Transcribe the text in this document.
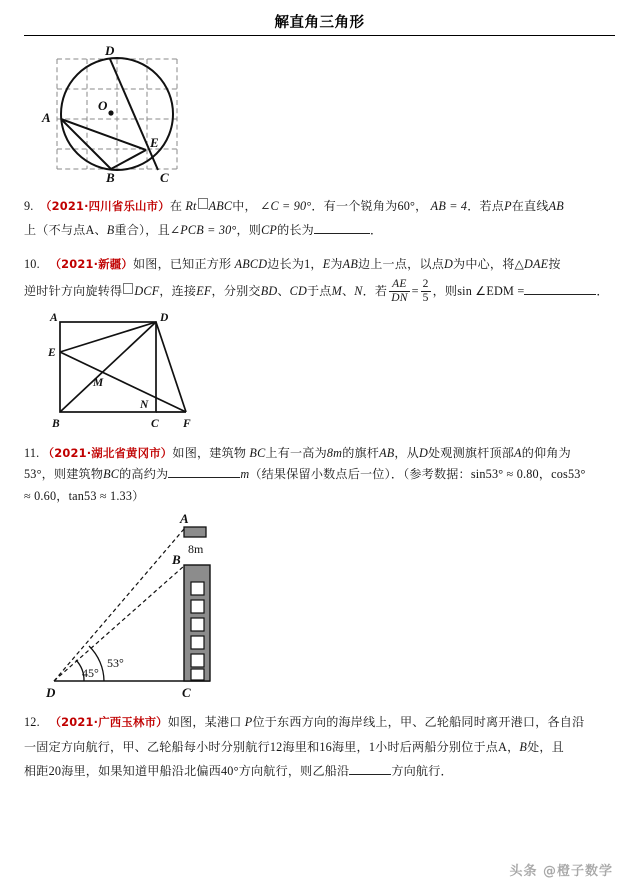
解直角三角形
D
O
A
E
B	C
9. （2021·四川省乐山市）在 Rt ABC中， ∠C = 90°．有一个锐角为60°， AB = 4．若点P在直线AB
上（不与点A、B重合），且∠PCB = 30°，则CP的长为	．
10. （2021·新疆）如图，已知正方形 ABCD边长为1，E为AB边上一点，以点D为中心，将△DAE按
逆时针方向旋转得 DCF，连接EF，分别交BD、CD于点M、N．若 $\frac{AE}{DN} = \frac{2}{5}$ ，则sin ∠EDM =	．
A	D
E
M
N
B	C F
11. （2021·湖北省黄冈市）如图，建筑物 BC上有一高为8m的旗杆AB，从D处观测旗杆顶部A的仰角为
53°，则建筑物BC的高约为	m（结果保留小数点后一位）．（参考数据：sin53° ≈ 0.80，cos53°
≈ 0.60，tan53 ≈ 1.33）
A
B
C
D
8m
53°
45°
12. （2021·广西玉林市）如图，某港口 P位于东西方向的海岸线上，甲、乙轮船同时离开港口，各自沿
一固定方向航行，甲、乙轮船每小时分别航行12海里和16海里，1小时后两船分别位于点A，B处，且
相距20海里，如果知道甲船沿北偏西40°方向航行，则乙船沿	方向航行．
头条 @橙子数学
